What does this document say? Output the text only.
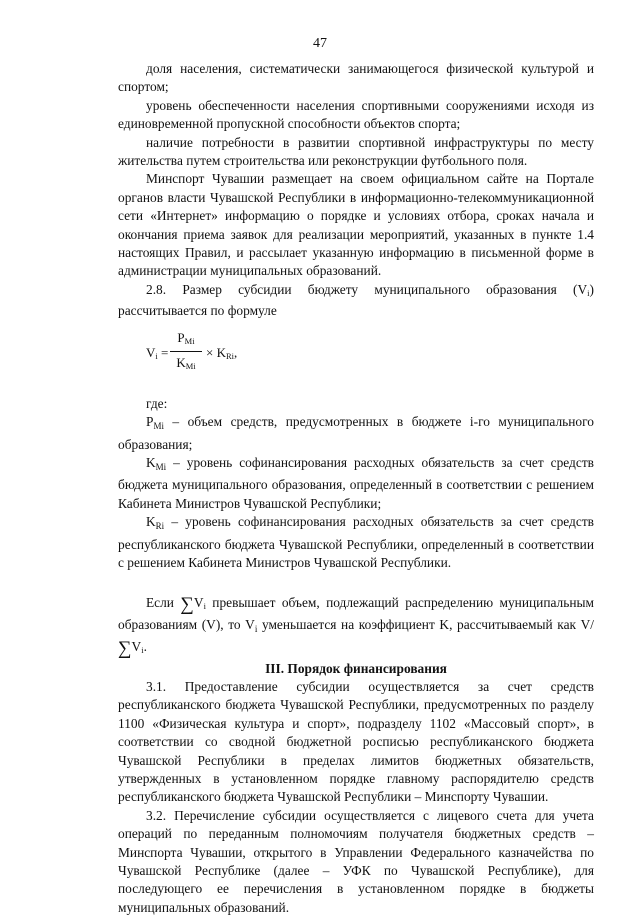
47

доля населения, систематически занимающегося физической культурой и спортом;

уровень обеспеченности населения спортивными сооружениями исходя из единовременной пропускной способности объектов спорта;

наличие потребности в развитии спортивной инфраструктуры по месту жительства путем строительства или реконструкции футбольного поля.

Минспорт Чувашии размещает на своем официальном сайте на Портале органов власти Чувашской Республики в информационно-телекоммуникационной сети «Интернет» информацию о порядке и условиях отбора, сроках начала и окончания приема заявок для реализации мероприятий, указанных в пункте 1.4 настоящих Правил, и рассылает указанную информацию в письменной форме в администрации муниципальных образований.

2.8. Размер субсидии бюджету муниципального образования $(V_i)$ рассчитывается по формуле

$V_i$ =
$P_{Mi}$
$K_{Mi}$
× $K_{Ri}$,

где:

$P_{Mi}$ – объем средств, предусмотренных в бюджете i-го муниципального образования;

$K_{Mi}$ – уровень софинансирования расходных обязательств за счет средств бюджета муниципального образования, определенный в соответствии с решением Кабинета Министров Чувашской Республики;

$K_{Ri}$ – уровень софинансирования расходных обязательств за счет средств республиканского бюджета Чувашской Республики, определенный в соответствии с решением Кабинета Министров Чувашской Республики.

Если $\sum V_i$ превышает объем, подлежащий распределению муниципальным образованиям (V), то $V_i$ уменьшается на коэффициент K, рассчитываемый как $V/\sum V_i$.

III. Порядок финансирования

3.1. Предоставление субсидии осуществляется за счет средств республиканского бюджета Чувашской Республики, предусмотренных по разделу 1100 «Физическая культура и спорт», подразделу 1102 «Массовый спорт», в соответствии со сводной бюджетной росписью республиканского бюджета Чувашской Республики в пределах лимитов бюджетных обязательств, утвержденных в установленном порядке главному распорядителю средств республиканского бюджета Чувашской Республики – Минспорту Чувашии.

3.2. Перечисление субсидии осуществляется с лицевого счета для учета операций по переданным полномочиям получателя бюджетных средств – Минспорта Чувашии, открытого в Управлении Федерального казначейства по Чувашской Республике (далее – УФК по Чувашской Республике), для последующего ее перечисления в установленном порядке в бюджеты муниципальных образований.
